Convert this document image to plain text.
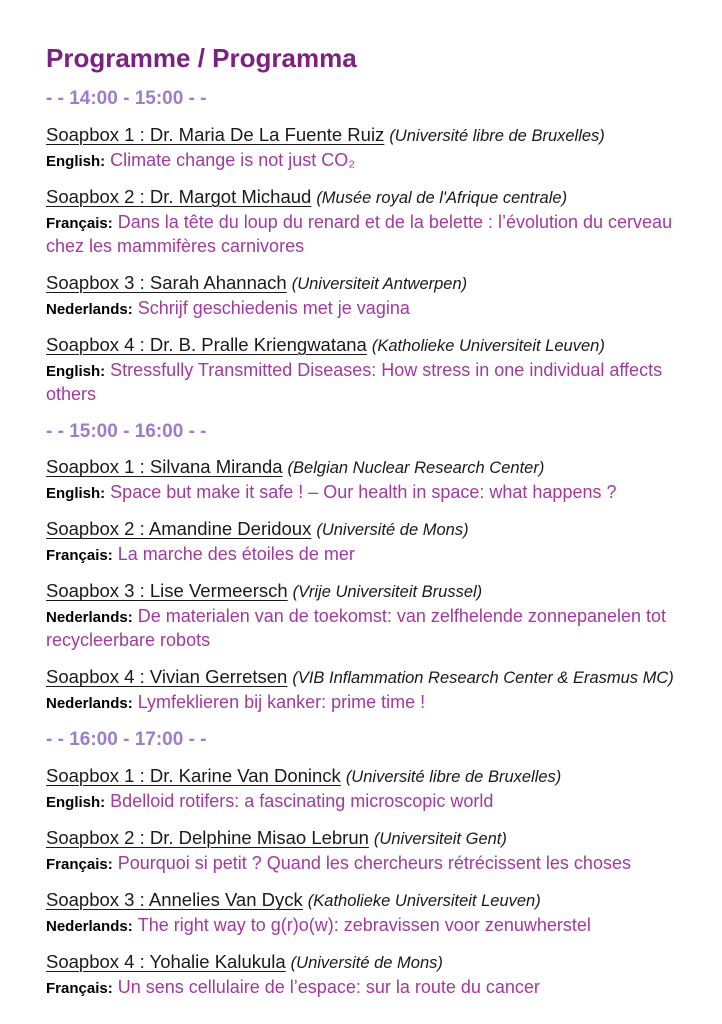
Programme / Programma
- - 14:00 - 15:00 - -
Soapbox 1 : Dr. Maria De La Fuente Ruiz (Université libre de Bruxelles)
English: Climate change is not just CO₂
Soapbox 2 : Dr. Margot Michaud (Musée royal de l'Afrique centrale)
Français: Dans la tête du loup du renard et de la belette : l’évolution du cerveau chez les mammifères carnivores
Soapbox 3 : Sarah Ahannach (Universiteit Antwerpen)
Nederlands: Schrijf geschiedenis met je vagina
Soapbox 4 : Dr. B. Pralle Kriengwatana (Katholieke Universiteit Leuven)
English: Stressfully Transmitted Diseases: How stress in one individual affects others
- - 15:00 - 16:00 - -
Soapbox 1 : Silvana Miranda (Belgian Nuclear Research Center)
English: Space but make it safe ! – Our health in space: what happens ?
Soapbox 2 : Amandine Deridoux (Université de Mons)
Français: La marche des étoiles de mer
Soapbox 3 : Lise Vermeersch (Vrije Universiteit Brussel)
Nederlands: De materialen van de toekomst: van zelfhelende zonnepanelen tot recycleerbare robots
Soapbox 4 : Vivian Gerretsen (VIB Inflammation Research Center & Erasmus MC)
Nederlands: Lymfeklieren bij kanker: prime time !
- - 16:00 - 17:00 - -
Soapbox 1 : Dr. Karine Van Doninck (Université libre de Bruxelles)
English: Bdelloid rotifers: a fascinating microscopic world
Soapbox 2 : Dr. Delphine Misao Lebrun (Universiteit Gent)
Français: Pourquoi si petit ? Quand les chercheurs rétrécissent les choses
Soapbox 3 : Annelies Van Dyck (Katholieke Universiteit Leuven)
Nederlands: The right way to g(r)o(w): zebravissen voor zenuwherstel
Soapbox 4 : Yohalie Kalukula (Université de Mons)
Français: Un sens cellulaire de l’espace: sur la route du cancer
